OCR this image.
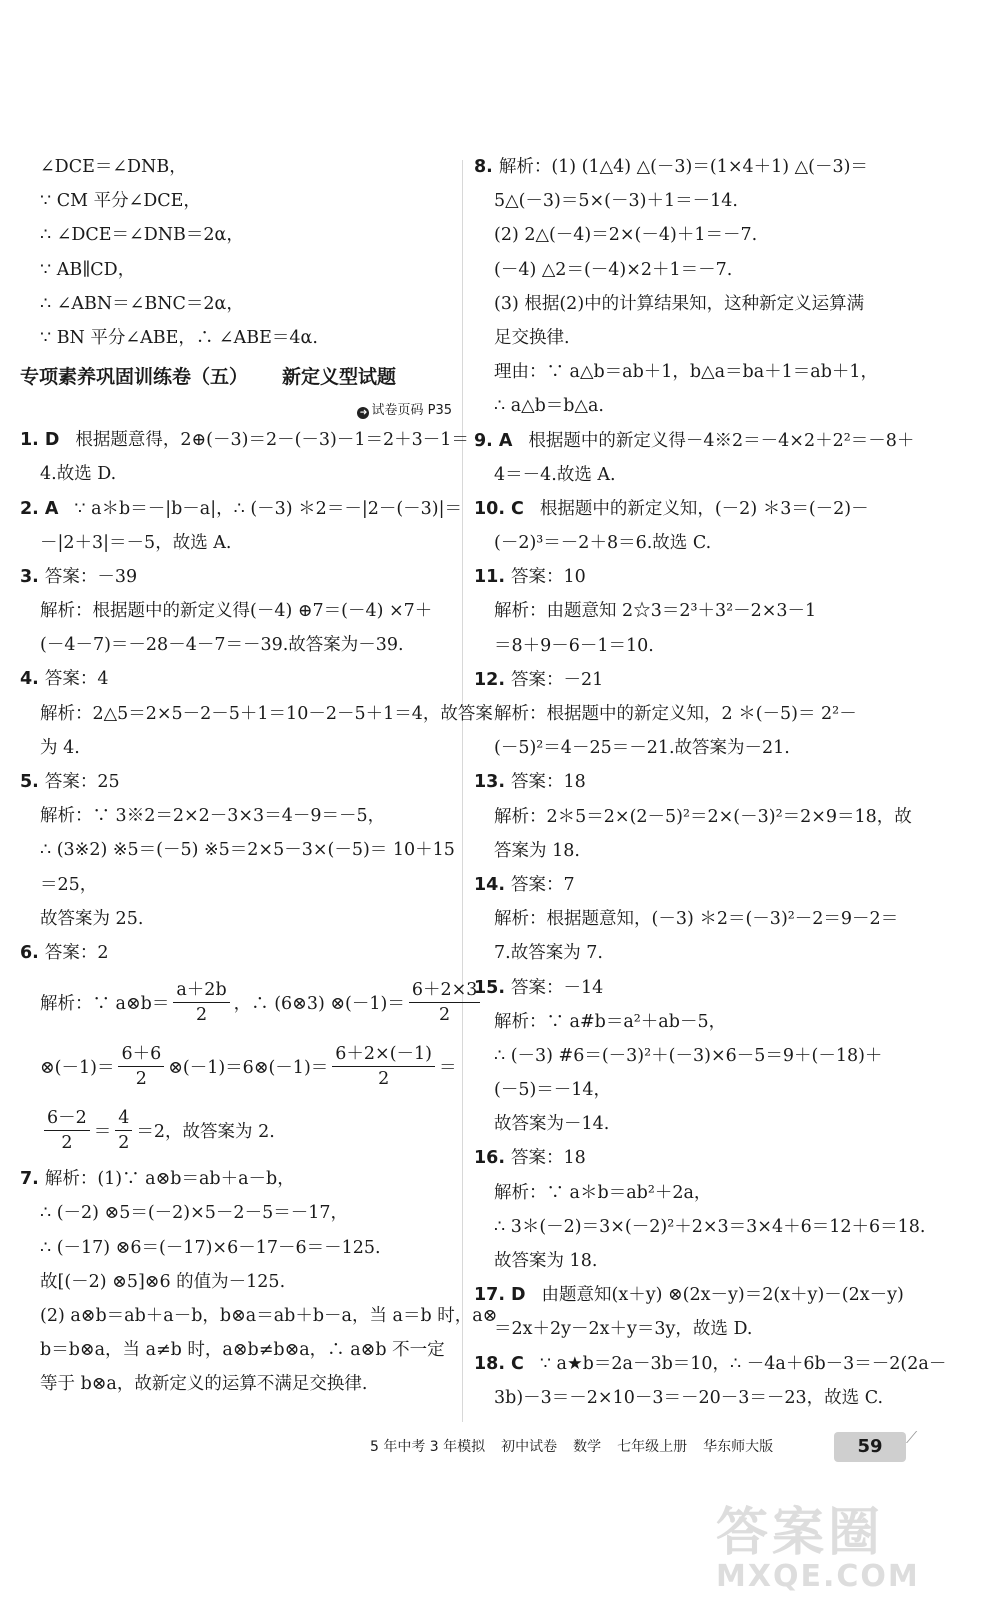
∠DCE＝∠DNB，
∵ CM 平分∠DCE，
∴ ∠DCE＝∠DNB＝2α，
∵ AB∥CD，
∴ ∠ABN＝∠BNC＝2α，
∵ BN 平分∠ABE，∴ ∠ABE＝4α.
专项素养巩固训练卷（五） 新定义型试题
➜ 试卷页码 P35
1. D 根据题意得，2⊕(－3)＝2－(－3)－1＝2＋3－1＝
4.故选 D.
2. A ∵ a＊b＝－|b－a|，∴ (－3) ＊2＝－|2－(－3)|＝
－|2＋3|＝－5，故选 A.
3. 答案：－39
解析：根据题中的新定义得(－4) ⊕7＝(－4) ×7＋
(－4－7)＝－28－4－7＝－39.故答案为－39.
4. 答案：4
解析：2△5＝2×5－2－5＋1＝10－2－5＋1＝4，故答案
为 4.
5. 答案：25
解析：∵ 3※2＝2×2－3×3＝4－9＝－5，
∴ (3※2) ※5＝(－5) ※5＝2×5－3×(－5)＝ 10＋15
＝25，
故答案为 25.
6. 答案：2
解析：∵ a⊗b＝ $\frac{a+2b}{2}$ ，∴ (6⊗3) ⊗(－1)＝ $\frac{6+2\times 3}{2}$
⊗(－1)＝ $\frac{6+6}{2}$ ⊗(－1)＝6⊗(－1)＝ $\frac{6+2\times(-1)}{2}$ ＝
$\frac{6-2}{2} = \frac{4}{2} =2$，故答案为 2.
7. 解析：(1)∵ a⊗b＝ab＋a－b，
∴ (－2) ⊗5＝(－2)×5－2－5＝－17，
∴ (－17) ⊗6＝(－17)×6－17－6＝－125.
故[(－2) ⊗5]⊗6 的值为－125.
(2) a⊗b＝ab＋a－b，b⊗a＝ab＋b－a，当 a＝b 时，a⊗
b＝b⊗a，当 a≠b 时，a⊗b≠b⊗a，∴ a⊗b 不一定
等于 b⊗a，故新定义的运算不满足交换律.
8. 解析：(1) (1△4) △(－3)＝(1×4＋1) △(－3)＝
5△(－3)＝5×(－3)＋1＝－14.
(2) 2△(－4)＝2×(－4)＋1＝－7.
(－4) △2＝(－4)×2＋1＝－7.
(3) 根据(2)中的计算结果知，这种新定义运算满
足交换律.
理由：∵ a△b＝ab＋1，b△a＝ba＋1＝ab＋1，
∴ a△b＝b△a.
9. A 根据题中的新定义得－4※2＝－4×2＋2²＝－8＋
4＝－4.故选 A.
10. C 根据题中的新定义知，(－2) ＊3＝(－2)－
(－2)³＝－2＋8＝6.故选 C.
11. 答案：10
解析：由题意知 2☆3＝2³＋3²－2×3－1
＝8＋9－6－1＝10.
12. 答案：－21
解析：根据题中的新定义知，2 ＊(－5)＝ 2²－
(－5)²＝4－25＝－21.故答案为－21.
13. 答案：18
解析：2＊5＝2×(2－5)²＝2×(－3)²＝2×9＝18，故
答案为 18.
14. 答案：7
解析：根据题意知，(－3) ＊2＝(－3)²－2＝9－2＝
7.故答案为 7.
15. 答案：－14
解析：∵ a#b＝a²＋ab－5，
∴ (－3) #6＝(－3)²＋(－3)×6－5＝9＋(－18)＋
(－5)＝－14，
故答案为－14.
16. 答案：18
解析：∵ a＊b＝ab²＋2a，
∴ 3＊(－2)＝3×(－2)²＋2×3＝3×4＋6＝12＋6＝18.
故答案为 18.
17. D 由题意知(x＋y) ⊗(2x－y)＝2(x＋y)－(2x－y)
＝2x＋2y－2x＋y＝3y，故选 D.
18. C ∵ a★b＝2a－3b＝10，∴ －4a＋6b－3＝－2(2a－
3b)－3＝－2×10－3＝－20－3＝－23，故选 C.
5 年中考 3 年模拟 初中试卷 数学 七年级上册 华东师大版	59	⟋
答案圈
MXQE.COM
